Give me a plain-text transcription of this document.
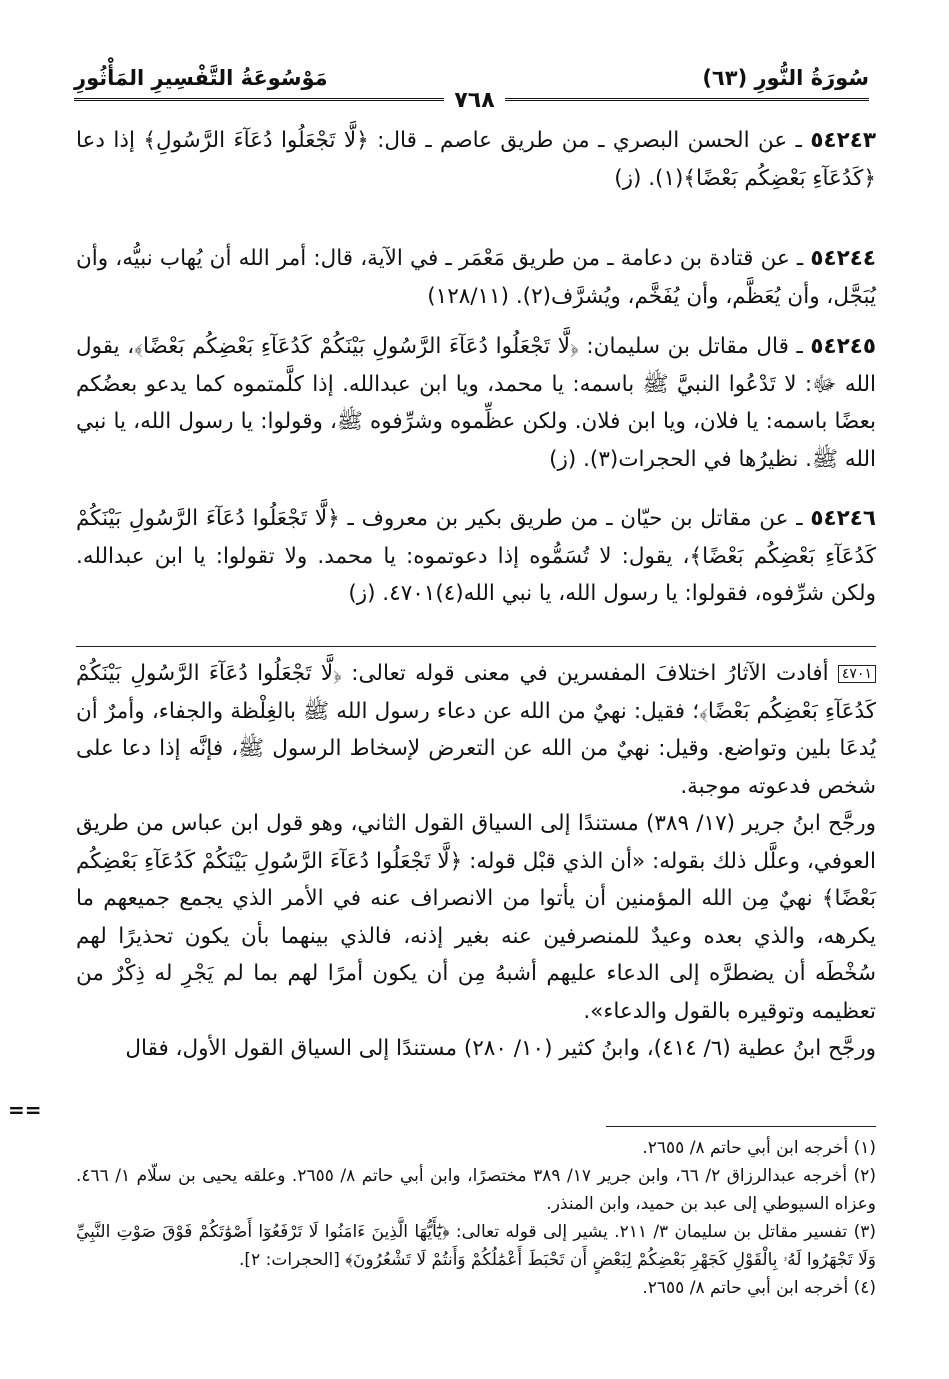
سُورَةُ النُّورِ (٦٣)
مَوْسُوعَةُ التَّفْسِيرِ المَأْثُورِ
٧٦٨

٥٤٢٤٣ ـ عن الحسن البصري ـ من طريق عاصم ـ قال: ﴿لَّا تَجْعَلُوا دُعَآءَ الرَّسُولِ﴾ إذا دعا ﴿كَدُعَآءِ بَعْضِكُم بَعْضًا﴾(١). (ز)

٥٤٢٤٤ ـ عن قتادة بن دعامة ـ من طريق مَعْمَر ـ في الآية، قال: أمر الله أن يُهاب نبيُّه، وأن يُبَجَّل، وأن يُعَظَّم، وأن يُفَخَّم، ويُشرَّف(٢). (١٢٨/١١)

٥٤٢٤٥ ـ قال مقاتل بن سليمان: ﴿لَّا تَجْعَلُوا دُعَآءَ الرَّسُولِ بَيْنَكُمْ كَدُعَآءِ بَعْضِكُم بَعْضًا﴾، يقول الله ﷻ: لا تَدْعُوا النبيَّ ﷺ باسمه: يا محمد، ويا ابن عبدالله. إذا كلَّمتموه كما يدعو بعضُكم بعضًا باسمه: يا فلان، ويا ابن فلان. ولكن عظِّموه وشرِّفوه ﷺ، وقولوا: يا رسول الله، يا نبي الله ﷺ. نظيرُها في الحجرات(٣). (ز)

٥٤٢٤٦ ـ عن مقاتل بن حيّان ـ من طريق بكير بن معروف ـ ﴿لَّا تَجْعَلُوا دُعَآءَ الرَّسُولِ بَيْنَكُمْ كَدُعَآءِ بَعْضِكُم بَعْضًا﴾، يقول: لا تُسَمُّوه إذا دعوتموه: يا محمد. ولا تقولوا: يا ابن عبدالله. ولكن شرِّفوه، فقولوا: يا رسول الله، يا نبي الله(٤)٤٧٠١. (ز)

٤٧٠١ أفادت الآثارُ اختلافَ المفسرين في معنى قوله تعالى: ﴿لَّا تَجْعَلُوا دُعَآءَ الرَّسُولِ بَيْنَكُمْ كَدُعَآءِ بَعْضِكُم بَعْضًا﴾؛ فقيل: نهيٌ من الله عن دعاء رسول الله ﷺ بالغِلْظة والجفاء، وأمرٌ أن يُدعَا بلين وتواضع. وقيل: نهيٌ من الله عن التعرض لإسخاط الرسول ﷺ، فإنَّه إذا دعا على شخص فدعوته موجبة.
ورجَّح ابنُ جرير (١٧/ ٣٨٩) مستندًا إلى السياق القول الثاني، وهو قول ابن عباس من طريق العوفي، وعلَّل ذلك بقوله: «أن الذي قبْل قوله: ﴿لَّا تَجْعَلُوا دُعَآءَ الرَّسُولِ بَيْنَكُمْ كَدُعَآءِ بَعْضِكُم بَعْضًا﴾ نهيٌ مِن الله المؤمنين أن يأتوا من الانصراف عنه في الأمر الذي يجمع جميعهم ما يكرهه، والذي بعده وعيدٌ للمنصرفين عنه بغير إذنه، فالذي بينهما بأن يكون تحذيرًا لهم سُخْطَه أن يضطرَّه إلى الدعاء عليهم أشبهُ مِن أن يكون أمرًا لهم بما لم يَجْرِ له ذِكْرٌ من تعظيمه وتوقيره بالقول والدعاء».
ورجَّح ابنُ عطية (٦/ ٤١٤)، وابنُ كثير (١٠/ ٢٨٠) مستندًا إلى السياق القول الأول، فقال
==
(١) أخرجه ابن أبي حاتم ٨/ ٢٦٥٥.
(٢) أخرجه عبدالرزاق ٢/ ٦٦، وابن جرير ١٧/ ٣٨٩ مختصرًا، وابن أبي حاتم ٨/ ٢٦٥٥. وعلقه يحيى بن سلّام ١/ ٤٦٦. وعزاه السيوطي إلى عبد بن حميد، وابن المنذر.
(٣) تفسير مقاتل بن سليمان ٣/ ٢١١. يشير إلى قوله تعالى: ﴿يَٰٓأَيُّهَا الَّذِينَ ءَامَنُوا لَا تَرْفَعُوٓا أَصْوَٰتَكُمْ فَوْقَ صَوْتِ النَّبِيِّ وَلَا تَجْهَرُوا لَهُۥ بِالْقَوْلِ كَجَهْرِ بَعْضِكُمْ لِبَعْضٍ أَن تَحْبَطَ أَعْمَٰلُكُمْ وَأَنتُمْ لَا تَشْعُرُونَ﴾ [الحجرات: ٢].
(٤) أخرجه ابن أبي حاتم ٨/ ٢٦٥٥.
